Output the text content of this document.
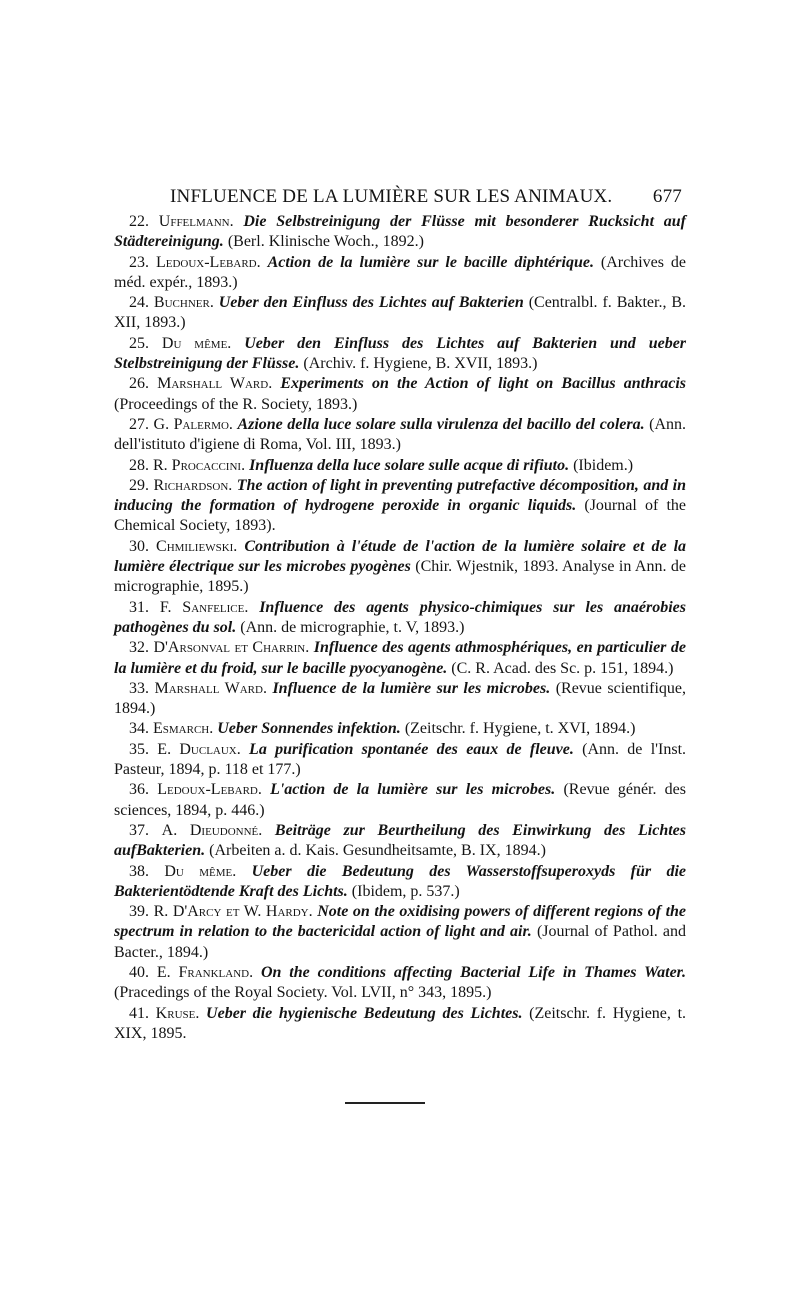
INFLUENCE DE LA LUMIÈRE SUR LES ANIMAUX. 677

22. Uffelmann. Die Selbstreinigung der Flüsse mit besonderer Rucksicht auf Städtereinigung. (Berl. Klinische Woch., 1892.)

23. Ledoux-Lebard. Action de la lumière sur le bacille diphtérique. (Archives de méd. expér., 1893.)

24. Buchner. Ueber den Einfluss des Lichtes auf Bakterien (Centralbl. f. Bakter., B. XII, 1893.)

25. Du même. Ueber den Einfluss des Lichtes auf Bakterien und ueber Stelbstreinigung der Flüsse. (Archiv. f. Hygiene, B. XVII, 1893.)

26. Marshall Ward. Experiments on the Action of light on Bacillus anthracis (Proceedings of the R. Society, 1893.)

27. G. Palermo. Azione della luce solare sulla virulenza del bacillo del colera. (Ann. dell'istituto d'igiene di Roma, Vol. III, 1893.)

28. R. Procaccini. Influenza della luce solare sulle acque di rifiuto. (Ibidem.)

29. Richardson. The action of light in preventing putrefactive décomposition, and in inducing the formation of hydrogene peroxide in organic liquids. (Journal of the Chemical Society, 1893).

30. Chmiliewski. Contribution à l'étude de l'action de la lumière solaire et de la lumière électrique sur les microbes pyogènes (Chir. Wjestnik, 1893. Analyse in Ann. de micrographie, 1895.)

31. F. Sanfelice. Influence des agents physico-chimiques sur les anaérobies pathogènes du sol. (Ann. de micrographie, t. V, 1893.)

32. D'Arsonval et Charrin. Influence des agents athmosphériques, en particulier de la lumière et du froid, sur le bacille pyocyanogène. (C. R. Acad. des Sc. p. 151, 1894.)

33. Marshall Ward. Influence de la lumière sur les microbes. (Revue scientifique, 1894.)

34. Esmarch. Ueber Sonnendes infektion. (Zeitschr. f. Hygiene, t. XVI, 1894.)

35. E. Duclaux. La purification spontanée des eaux de fleuve. (Ann. de l'Inst. Pasteur, 1894, p. 118 et 177.)

36. Ledoux-Lebard. L'action de la lumière sur les microbes. (Revue génér. des sciences, 1894, p. 446.)

37. A. Dieudonné. Beiträge zur Beurtheilung des Einwirkung des Lichtes aufBakterien. (Arbeiten a. d. Kais. Gesundheitsamte, B. IX, 1894.)

38. Du même. Ueber die Bedeutung des Wasserstoffsuperoxyds für die Bakterientödtende Kraft des Lichts. (Ibidem, p. 537.)

39. R. D'Arcy et W. Hardy. Note on the oxidising powers of different regions of the spectrum in relation to the bactericidal action of light and air. (Journal of Pathol. and Bacter., 1894.)

40. E. Frankland. On the conditions affecting Bacterial Life in Thames Water. (Pracedings of the Royal Society. Vol. LVII, n° 343, 1895.)

41. Kruse. Ueber die hygienische Bedeutung des Lichtes. (Zeitschr. f. Hygiene, t. XIX, 1895.
